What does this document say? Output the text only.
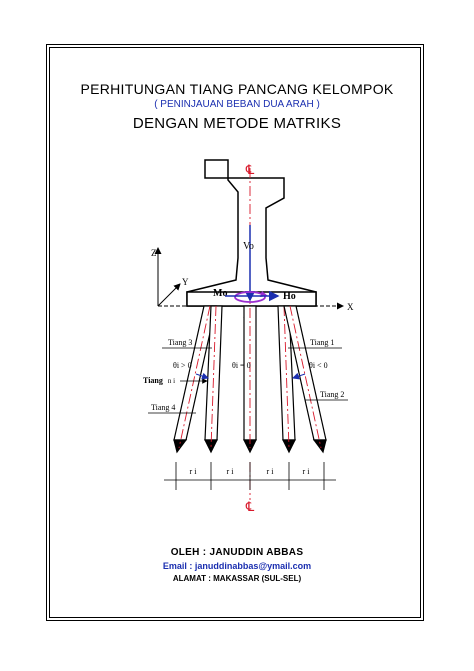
PERHITUNGAN TIANG PANCANG KELOMPOK
( PENINJAUAN BEBAN DUA ARAH )
DENGAN METODE MATRIKS
℄
℄
Vo
Mo	Ho
X
Z
Y
Tiang 3	Tiang 1
Tiang n i
Tiang 2
Tiang 4
θi > 0	θi = 0	θi < 0
r i	r i	r i	r i
OLEH : JANUDDIN ABBAS
Email : januddinabbas@ymail.com
ALAMAT : MAKASSAR (SUL-SEL)
